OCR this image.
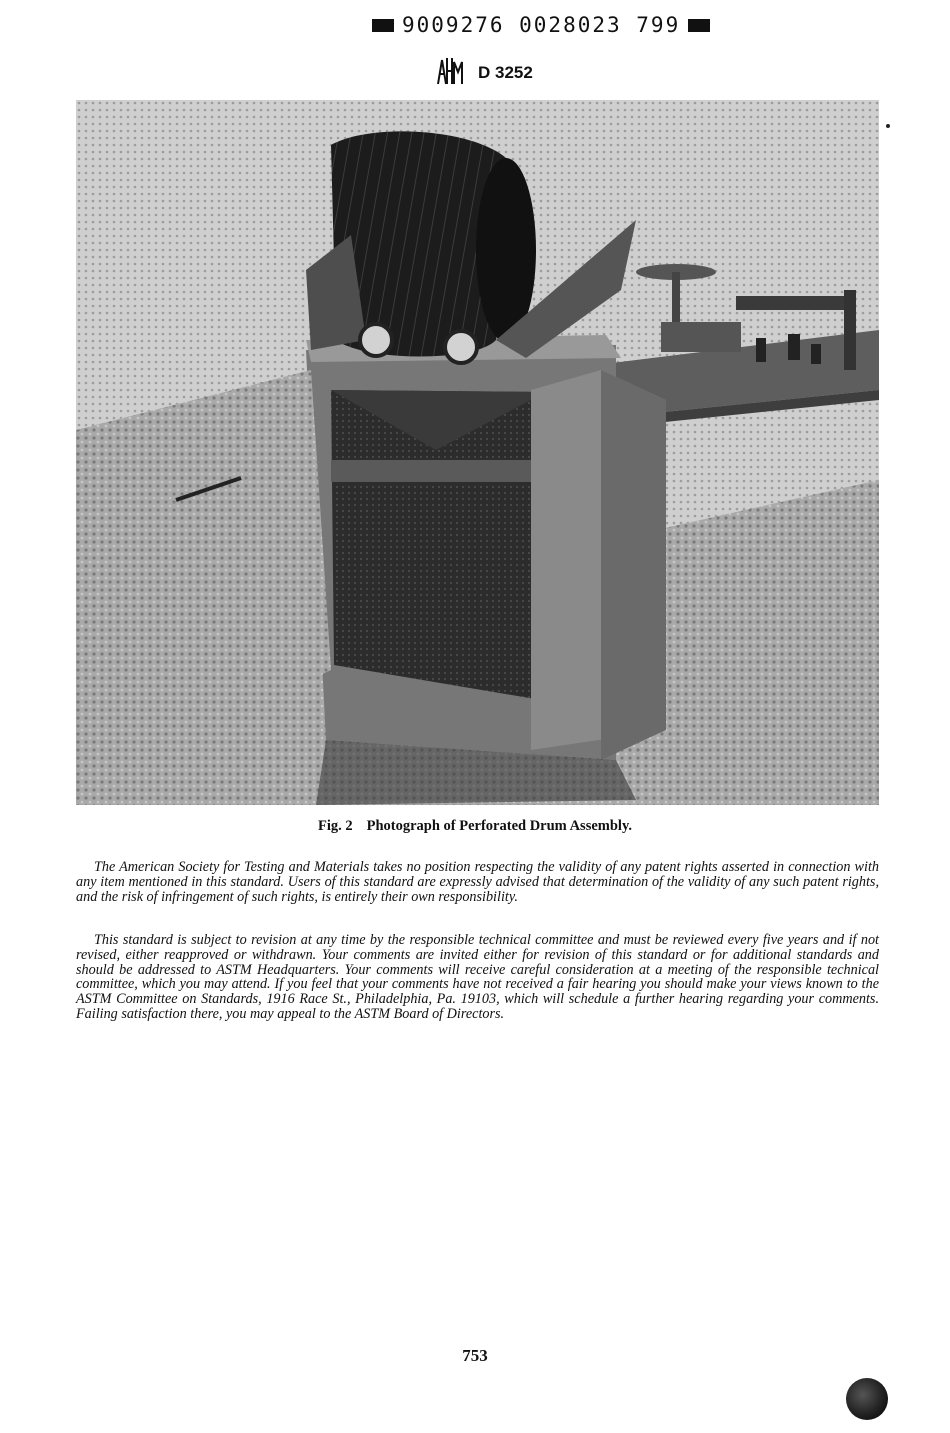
9009276 0028023 799
D 3252
Fig. 2 Photograph of Perforated Drum Assembly.

The American Society for Testing and Materials takes no position respecting the validity of any patent rights asserted in connection with any item mentioned in this standard. Users of this standard are expressly advised that determination of the validity of any such patent rights, and the risk of infringement of such rights, is entirely their own responsibility.

This standard is subject to revision at any time by the responsible technical committee and must be reviewed every five years and if not revised, either reapproved or withdrawn. Your comments are invited either for revision of this standard or for additional standards and should be addressed to ASTM Headquarters. Your comments will receive careful consideration at a meeting of the responsible technical committee, which you may attend. If you feel that your comments have not received a fair hearing you should make your views known to the ASTM Committee on Standards, 1916 Race St., Philadelphia, Pa. 19103, which will schedule a further hearing regarding your comments. Failing satisfaction there, you may appeal to the ASTM Board of Directors.

753
